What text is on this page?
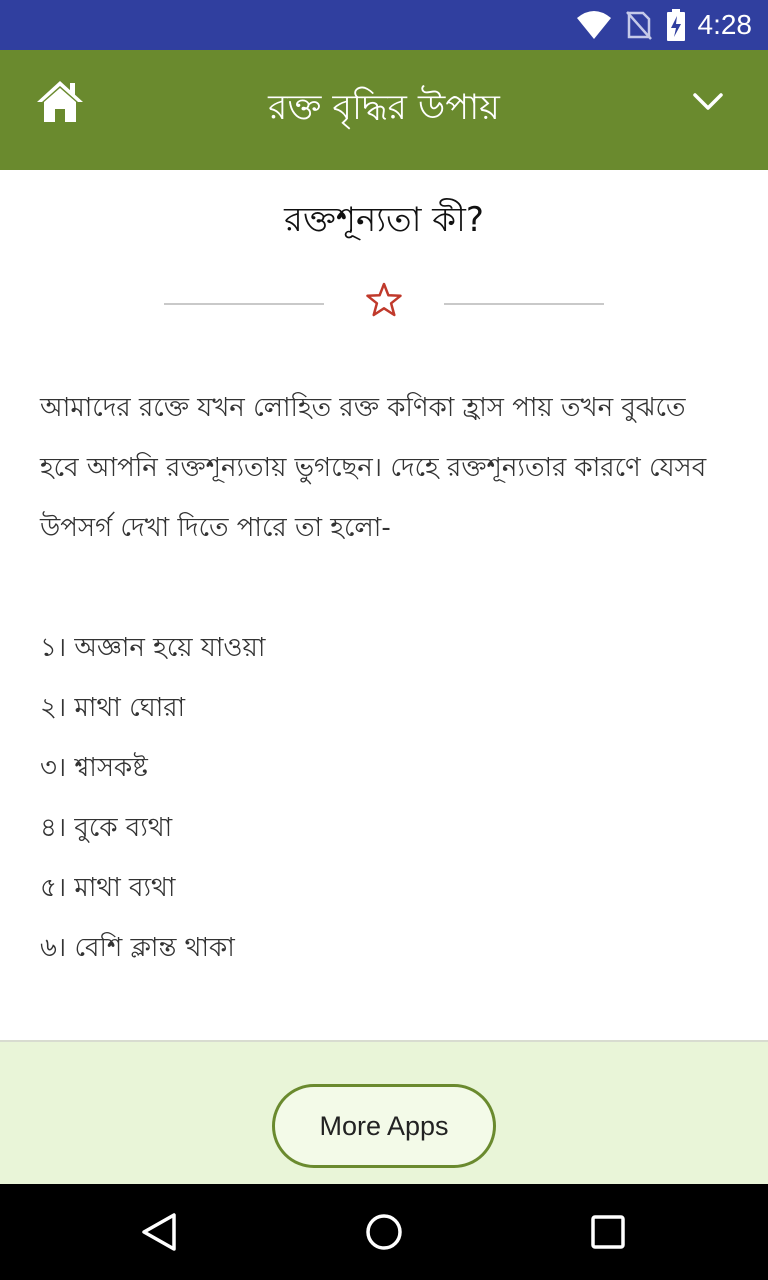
4:28
রক্ত বৃদ্ধির উপায়
রক্তশূন্যতা কী?
আমাদের রক্তে যখন লোহিত রক্ত কণিকা হ্রাস পায় তখন বুঝতে হবে আপনি রক্তশূন্যতায় ভুগছেন। দেহে রক্তশূন্যতার কারণে যেসব উপসর্গ দেখা দিতে পারে তা হলো-
১। অজ্ঞান হয়ে যাওয়া
২। মাথা ঘোরা
৩। শ্বাসকষ্ট
৪। বুকে ব্যথা
৫। মাথা ব্যথা
৬। বেশি ক্লান্ত থাকা
More Apps
